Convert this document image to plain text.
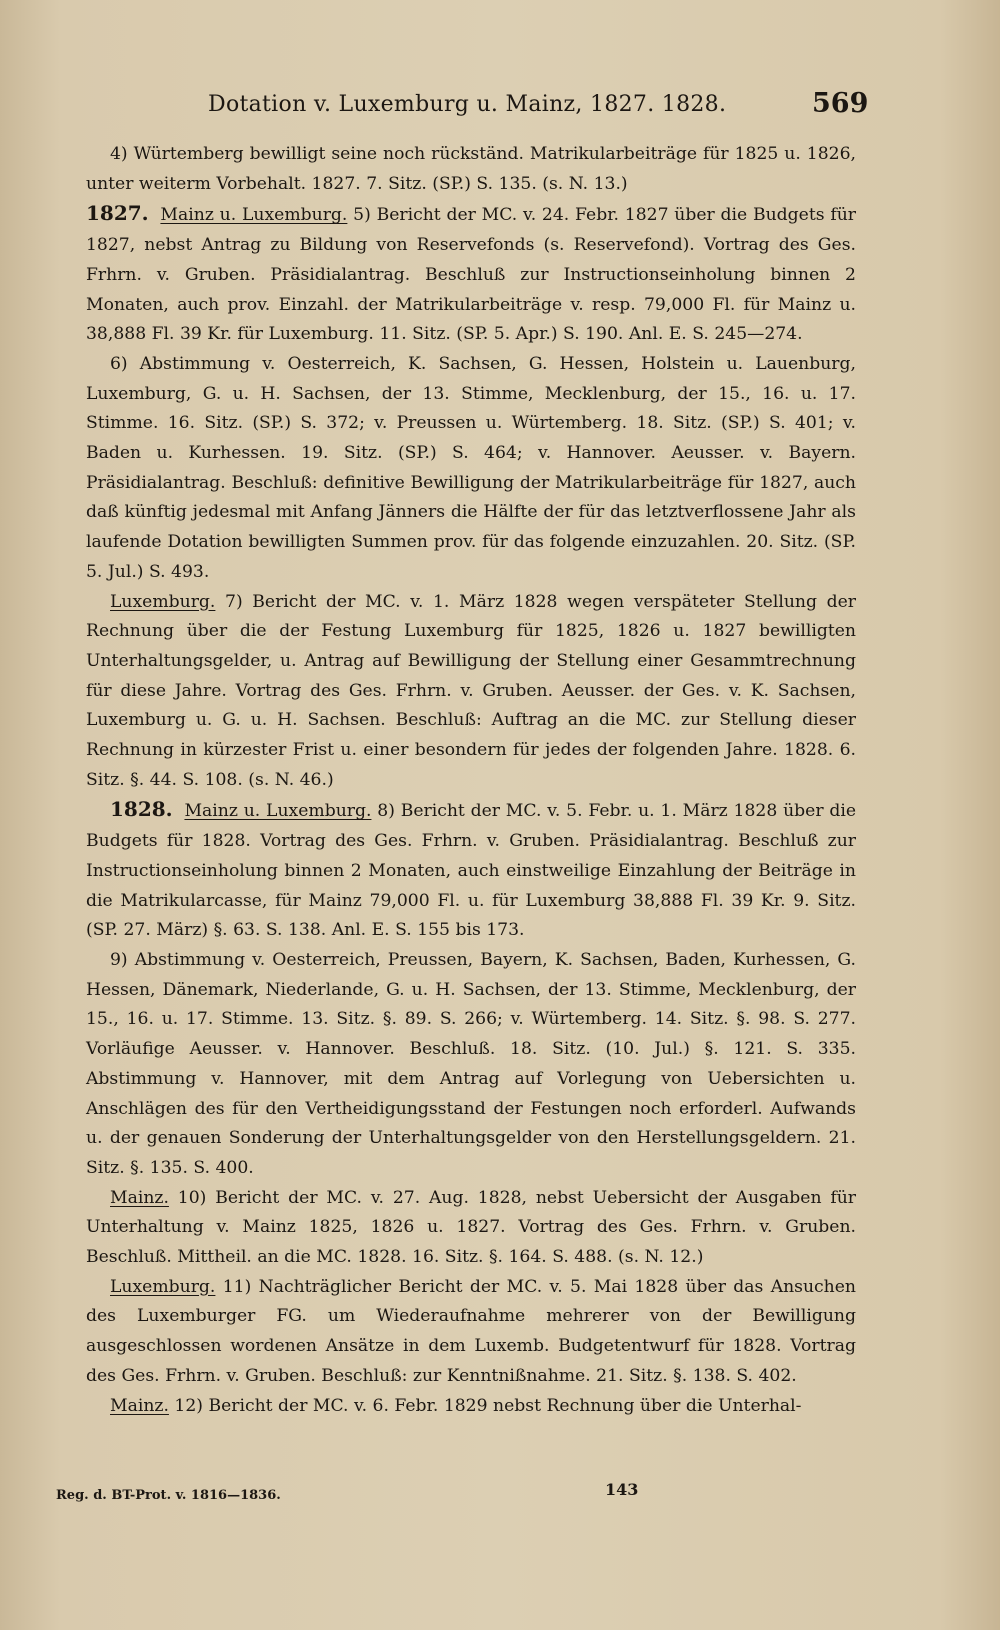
Dotation v. Luxemburg u. Mainz, 1827. 1828.	569

4) Würtemberg bewilligt seine noch rückständ. Matrikularbeiträge für 1825 u. 1826, unter weiterm Vorbehalt. 1827. 7. Sitz. (SP.) S. 135. (s. N. 13.)

1827. Mainz u. Luxemburg. 5) Bericht der MC. v. 24. Febr. 1827 über die Budgets für 1827, nebst Antrag zu Bildung von Reservefonds (s. Reservefond). Vortrag des Ges. Frhrn. v. Gruben. Präsidialantrag. Beschluß zur Instructionseinholung binnen 2 Monaten, auch prov. Einzahl. der Matrikularbeiträge v. resp. 79,000 Fl. für Mainz u. 38,888 Fl. 39 Kr. für Luxemburg. 11. Sitz. (SP. 5. Apr.) S. 190. Anl. E. S. 245—274.

6) Abstimmung v. Oesterreich, K. Sachsen, G. Hessen, Holstein u. Lauenburg, Luxemburg, G. u. H. Sachsen, der 13. Stimme, Mecklenburg, der 15., 16. u. 17. Stimme. 16. Sitz. (SP.) S. 372; v. Preussen u. Würtemberg. 18. Sitz. (SP.) S. 401; v. Baden u. Kurhessen. 19. Sitz. (SP.) S. 464; v. Hannover. Aeusser. v. Bayern. Präsidialantrag. Beschluß: definitive Bewilligung der Matrikularbeiträge für 1827, auch daß künftig jedesmal mit Anfang Jänners die Hälfte der für das letztverflossene Jahr als laufende Dotation bewilligten Summen prov. für das folgende einzuzahlen. 20. Sitz. (SP. 5. Jul.) S. 493.

Luxemburg. 7) Bericht der MC. v. 1. März 1828 wegen verspäteter Stellung der Rechnung über die der Festung Luxemburg für 1825, 1826 u. 1827 bewilligten Unterhaltungsgelder, u. Antrag auf Bewilligung der Stellung einer Gesammtrechnung für diese Jahre. Vortrag des Ges. Frhrn. v. Gruben. Aeusser. der Ges. v. K. Sachsen, Luxemburg u. G. u. H. Sachsen. Beschluß: Auftrag an die MC. zur Stellung dieser Rechnung in kürzester Frist u. einer besondern für jedes der folgenden Jahre. 1828. 6. Sitz. §. 44. S. 108. (s. N. 46.)

1828. Mainz u. Luxemburg. 8) Bericht der MC. v. 5. Febr. u. 1. März 1828 über die Budgets für 1828. Vortrag des Ges. Frhrn. v. Gruben. Präsidialantrag. Beschluß zur Instructionseinholung binnen 2 Monaten, auch einstweilige Einzahlung der Beiträge in die Matrikularcasse, für Mainz 79,000 Fl. u. für Luxemburg 38,888 Fl. 39 Kr. 9. Sitz. (SP. 27. März) §. 63. S. 138. Anl. E. S. 155 bis 173.

9) Abstimmung v. Oesterreich, Preussen, Bayern, K. Sachsen, Baden, Kurhessen, G. Hessen, Dänemark, Niederlande, G. u. H. Sachsen, der 13. Stimme, Mecklenburg, der 15., 16. u. 17. Stimme. 13. Sitz. §. 89. S. 266; v. Würtemberg. 14. Sitz. §. 98. S. 277. Vorläufige Aeusser. v. Hannover. Beschluß. 18. Sitz. (10. Jul.) §. 121. S. 335. Abstimmung v. Hannover, mit dem Antrag auf Vorlegung von Uebersichten u. Anschlägen des für den Vertheidigungsstand der Festungen noch erforderl. Aufwands u. der genauen Sonderung der Unterhaltungsgelder von den Herstellungsgeldern. 21. Sitz. §. 135. S. 400.

Mainz. 10) Bericht der MC. v. 27. Aug. 1828, nebst Uebersicht der Ausgaben für Unterhaltung v. Mainz 1825, 1826 u. 1827. Vortrag des Ges. Frhrn. v. Gruben. Beschluß. Mittheil. an die MC. 1828. 16. Sitz. §. 164. S. 488. (s. N. 12.)

Luxemburg. 11) Nachträglicher Bericht der MC. v. 5. Mai 1828 über das Ansuchen des Luxemburger FG. um Wiederaufnahme mehrerer von der Bewilligung ausgeschlossen wordenen Ansätze in dem Luxemb. Budgetentwurf für 1828. Vortrag des Ges. Frhrn. v. Gruben. Beschluß: zur Kenntnißnahme. 21. Sitz. §. 138. S. 402.

Mainz. 12) Bericht der MC. v. 6. Febr. 1829 nebst Rechnung über die Unterhal-

Reg. d. BT-Prot. v. 1816—1836.	143
